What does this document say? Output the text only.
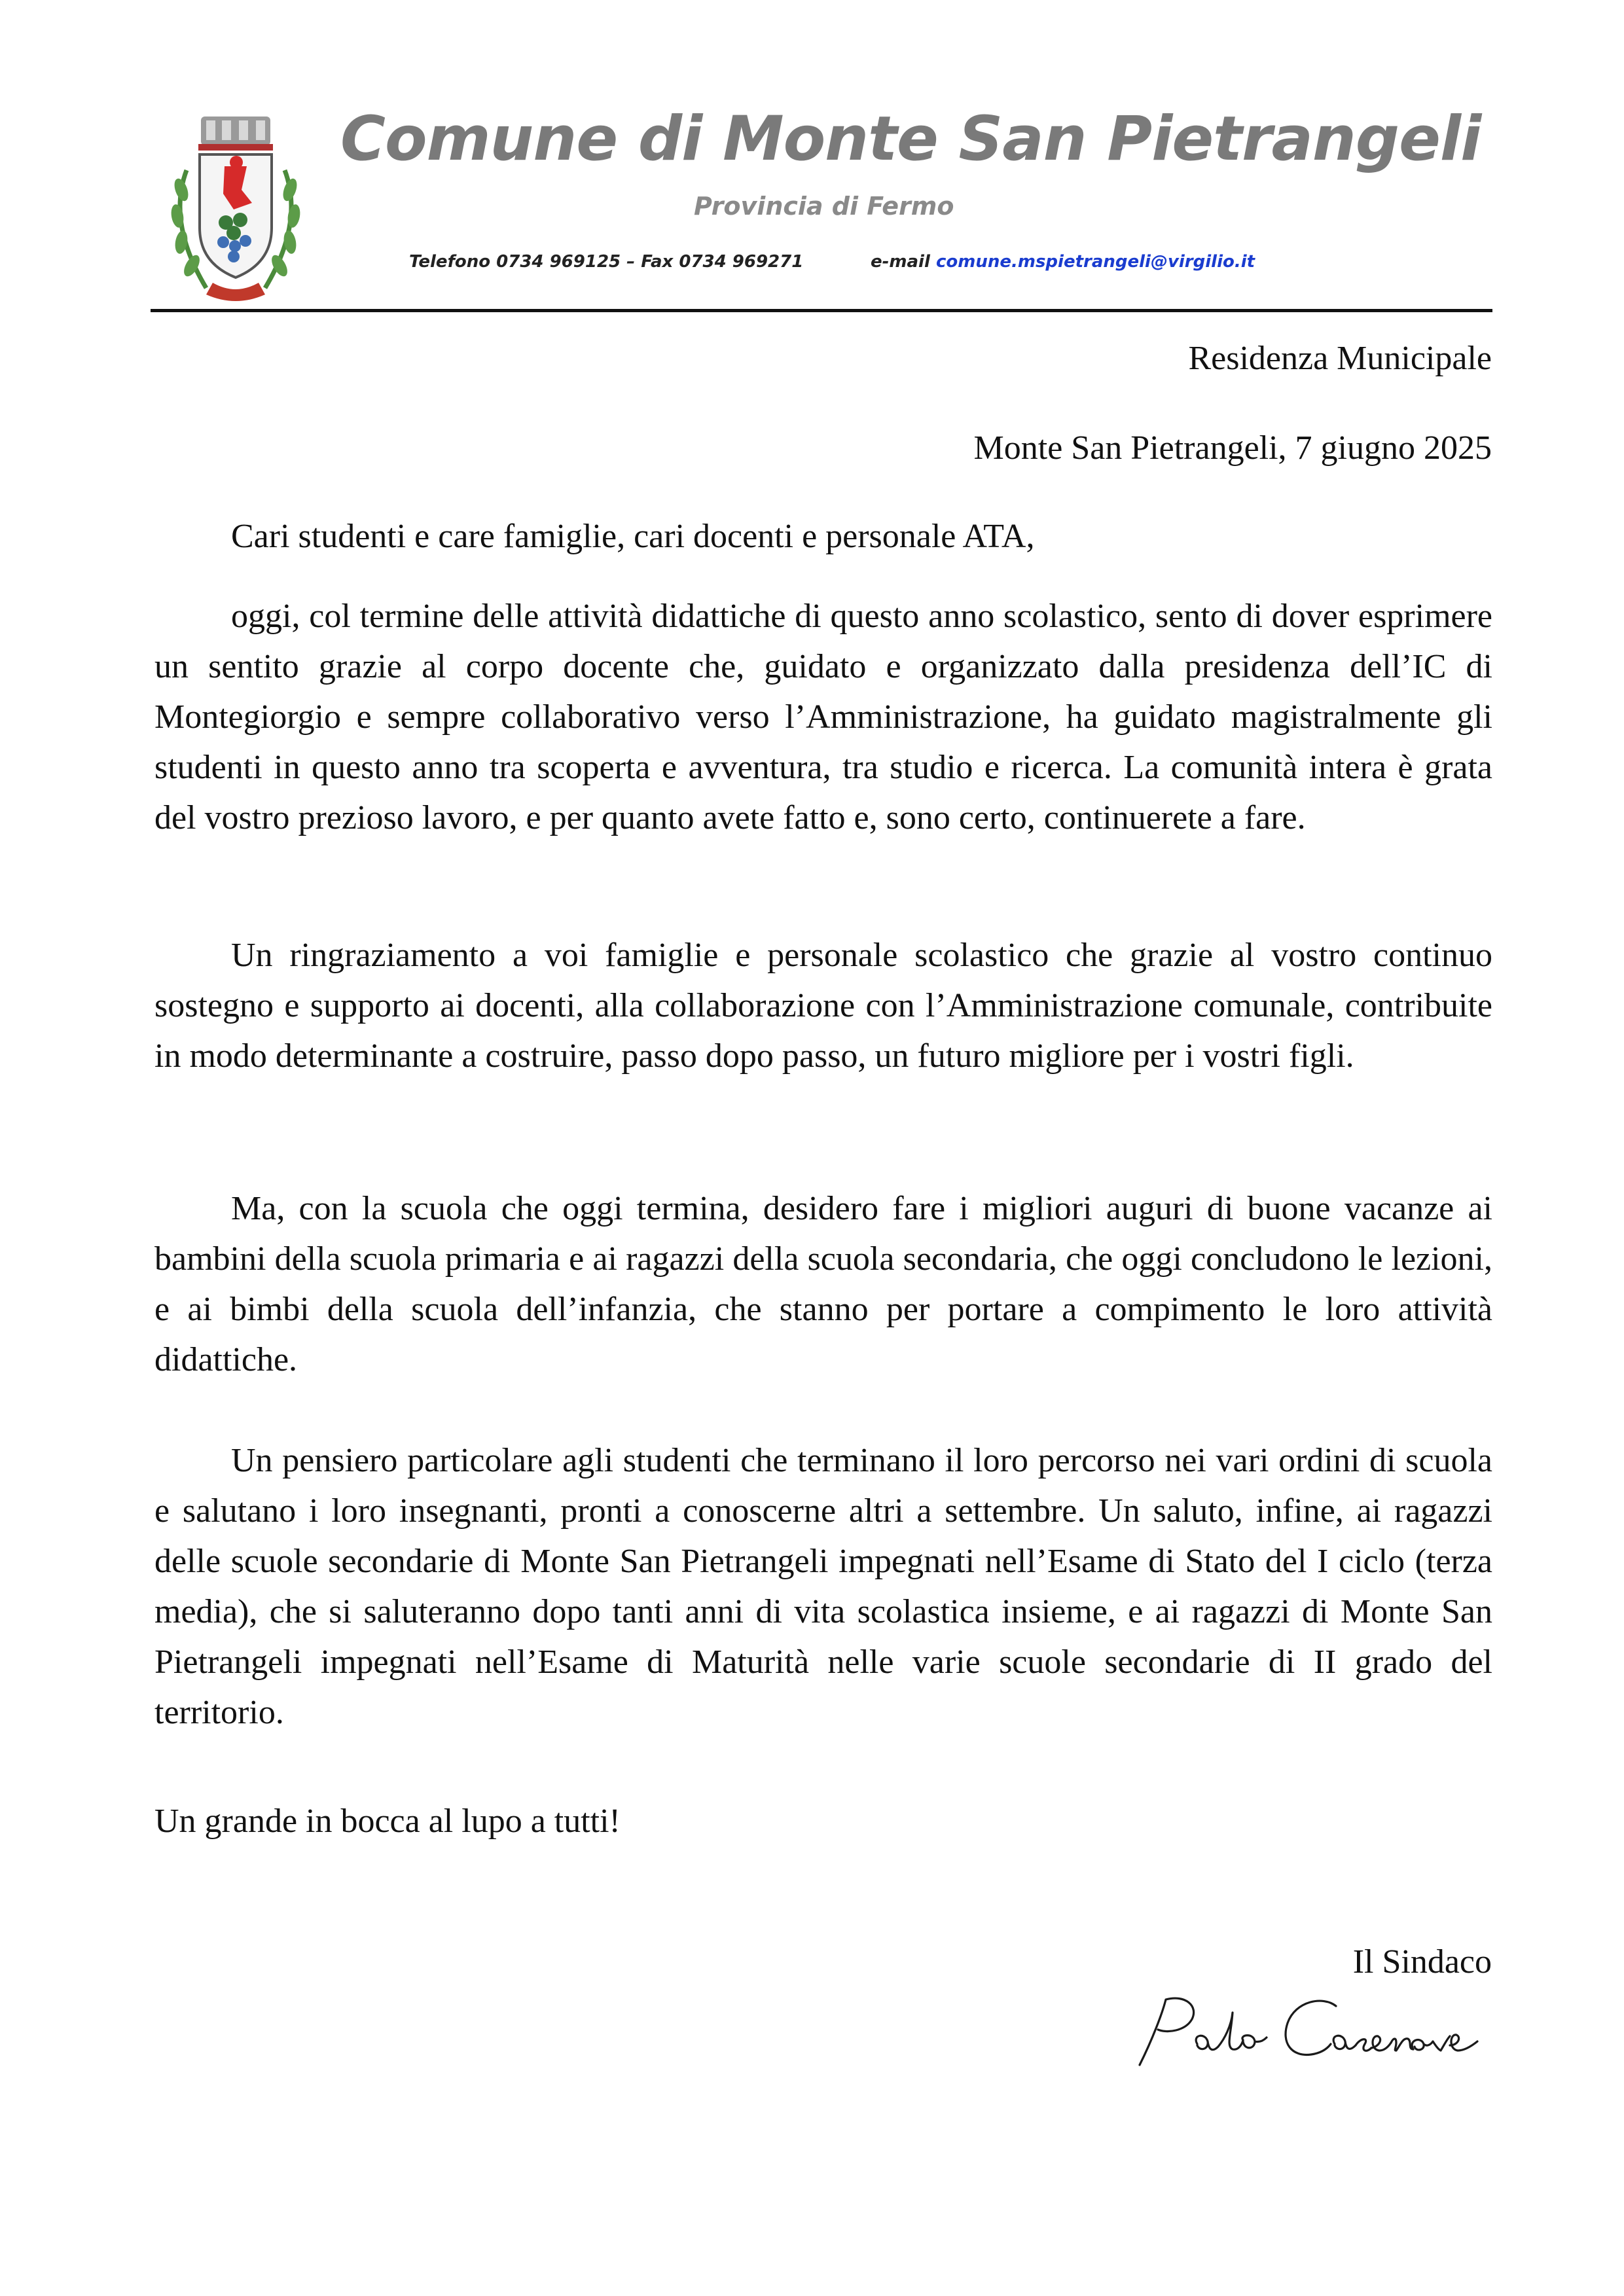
Comune di Monte San Pietrangeli
Provincia di Fermo
Telefono 0734 969125 – Fax 0734 969271	e-mail comune.mspietrangeli@virgilio.it
Residenza Municipale
Monte San Pietrangeli, 7 giugno 2025
Cari studenti e care famiglie, cari docenti e personale ATA,

oggi, col termine delle attività didattiche di questo anno scolastico, sento di dover esprimere un sentito grazie al corpo docente che, guidato e organizzato dalla presidenza dell’IC di Montegiorgio e sempre collaborativo verso l’Amministrazione, ha guidato magistralmente gli studenti in questo anno tra scoperta e avventura, tra studio e ricerca. La comunità intera è grata del vostro prezioso lavoro, e per quanto avete fatto e, sono certo, continuerete a fare.

Un ringraziamento a voi famiglie e personale scolastico che grazie al vostro continuo sostegno e supporto ai docenti, alla collaborazione con l’Amministrazione comunale, contribuite in modo determinante a costruire, passo dopo passo, un futuro migliore per i vostri figli.

Ma, con la scuola che oggi termina, desidero fare i migliori auguri di buone vacanze ai bambini della scuola primaria e ai ragazzi della scuola secondaria, che oggi concludono le lezioni, e ai bimbi della scuola dell’infanzia, che stanno per portare a compimento le loro attività didattiche.

Un pensiero particolare agli studenti che terminano il loro percorso nei vari ordini di scuola e salutano i loro insegnanti, pronti a conoscerne altri a settembre. Un saluto, infine, ai ragazzi delle scuole secondarie di Monte San Pietrangeli impegnati nell’Esame di Stato del I ciclo (terza media), che si saluteranno dopo tanti anni di vita scolastica insieme, e ai ragazzi di Monte San Pietrangeli impegnati nell’Esame di Maturità nelle varie scuole secondarie di II grado del territorio.

Un grande in bocca al lupo a tutti!
Il Sindaco
